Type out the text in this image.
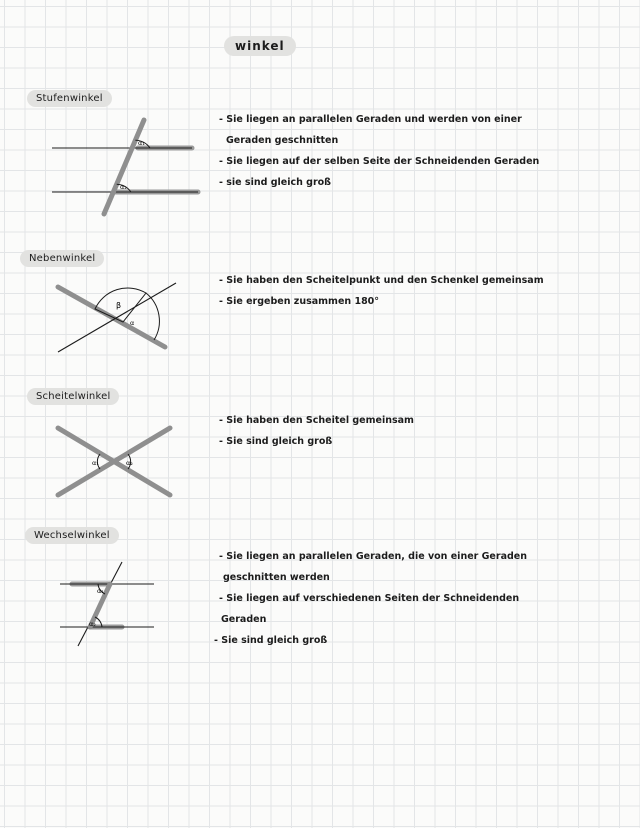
winkel
Stufenwinkel
α₁
α₂
- Sie liegen an parallelen Geraden und werden von einer
Geraden geschnitten
- Sie liegen auf der selben Seite der Schneidenden Geraden
- sie sind gleich groß
Nebenwinkel
β
α
- Sie haben den Scheitelpunkt und den Schenkel gemeinsam
- Sie ergeben zusammen 180°
Scheitelwinkel
α₁	α₂
- Sie haben den Scheitel gemeinsam
- Sie sind gleich groß
Wechselwinkel
α₁
α₂
- Sie liegen an parallelen Geraden, die von einer Geraden
geschnitten werden
- Sie liegen auf verschiedenen Seiten der Schneidenden
Geraden
- Sie sind gleich groß
